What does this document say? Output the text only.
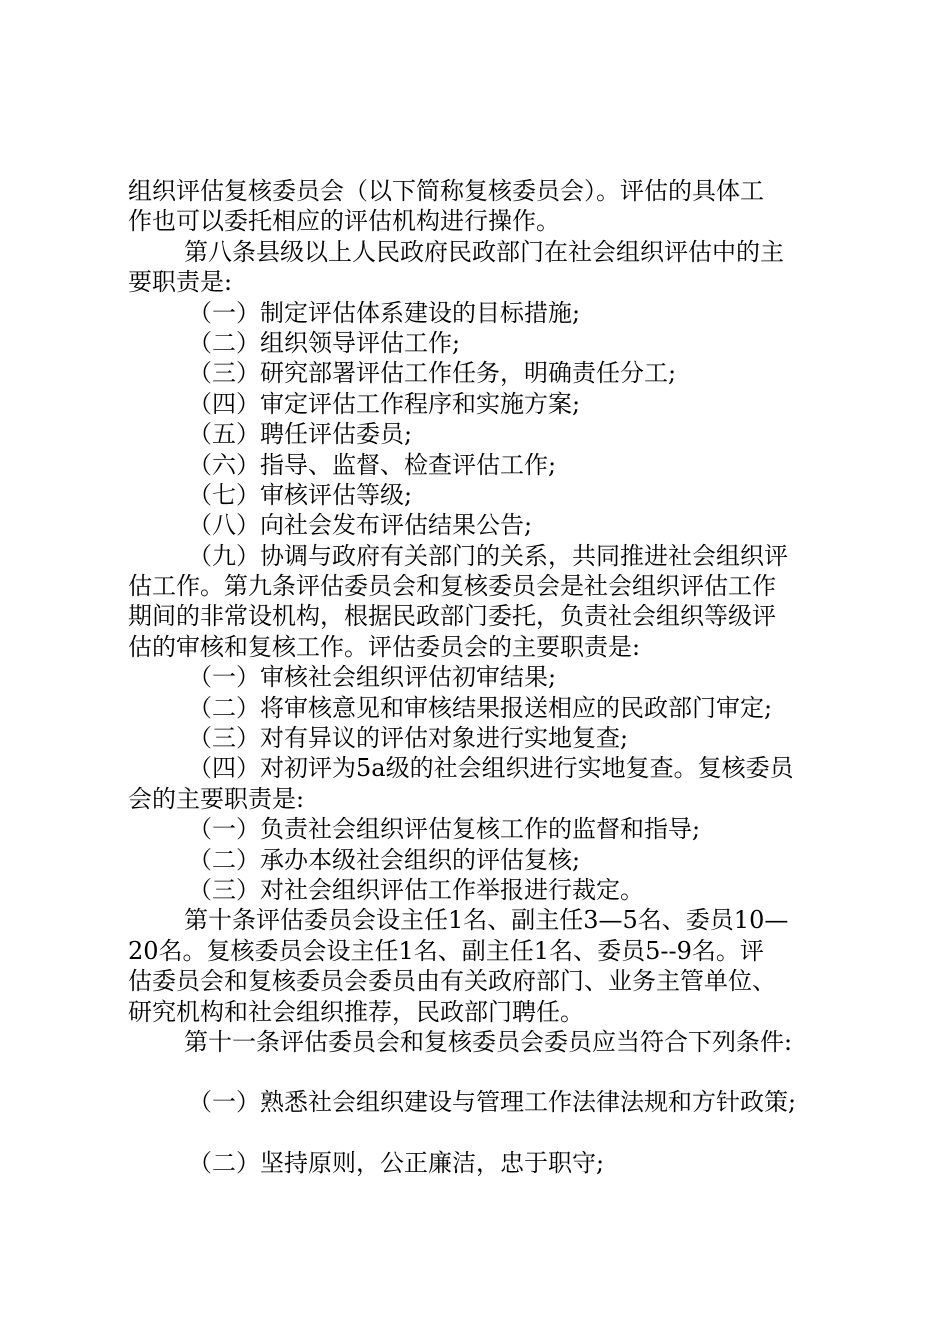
组织评估复核委员会（以下简称复核委员会）。评估的具体工
作也可以委托相应的评估机构进行操作。
第八条县级以上人民政府民政部门在社会组织评估中的主
要职责是:
（一）制定评估体系建设的目标措施;
（二）组织领导评估工作;
（三）研究部署评估工作任务，明确责任分工;
（四）审定评估工作程序和实施方案;
（五）聘任评估委员;
（六）指导、监督、检查评估工作;
（七）审核评估等级;
（八）向社会发布评估结果公告;
（九）协调与政府有关部门的关系，共同推进社会组织评
估工作。第九条评估委员会和复核委员会是社会组织评估工作
期间的非常设机构，根据民政部门委托，负责社会组织等级评
估的审核和复核工作。评估委员会的主要职责是:
（一）审核社会组织评估初审结果;
（二）将审核意见和审核结果报送相应的民政部门审定;
（三）对有异议的评估对象进行实地复查;
（四）对初评为5a级的社会组织进行实地复查。复核委员
会的主要职责是:
（一）负责社会组织评估复核工作的监督和指导;
（二）承办本级社会组织的评估复核;
（三）对社会组织评估工作举报进行裁定。
第十条评估委员会设主任1名、副主任3—5名、委员10—
20名。复核委员会设主任1名、副主任1名、委员5--9名。评
估委员会和复核委员会委员由有关政府部门、业务主管单位、
研究机构和社会组织推荐，民政部门聘任。
第十一条评估委员会和复核委员会委员应当符合下列条件:
（一）熟悉社会组织建设与管理工作法律法规和方针政策;
（二）坚持原则，公正廉洁，忠于职守;
